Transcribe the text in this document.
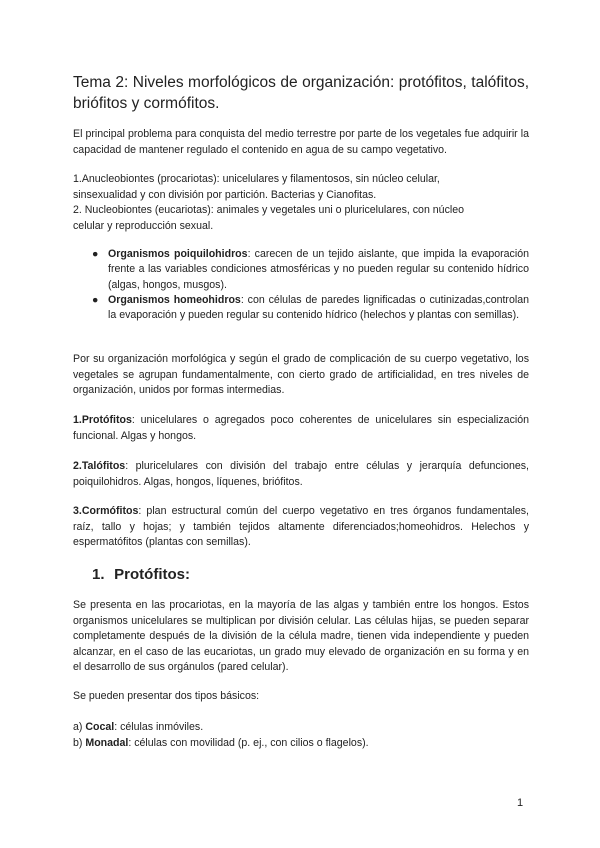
Tema 2: Niveles morfológicos de organización: protófitos, talófitos, briófitos y cormófitos.

El principal problema para conquista del medio terrestre por parte de los vegetales fue adquirir la capacidad de mantener regulado el contenido en agua de su campo vegetativo.

1.Anucleobiontes (procariotas): unicelulares y filamentosos, sin núcleo celular,
sinsexualidad y con división por partición. Bacterias y Cianofitas.
2. Nucleobiontes (eucariotas): animales y vegetales uni o pluricelulares, con núcleo
celular y reproducción sexual.

● Organismos poiquilohidros: carecen de un tejido aislante, que impida la evaporación frente a las variables condiciones atmosféricas y no pueden regular su contenido hídrico (algas, hongos, musgos).
● Organismos homeohidros: con células de paredes lignificadas o cutinizadas,controlan la evaporación y pueden regular su contenido hídrico (helechos y plantas con semillas).

Por su organización morfológica y según el grado de complicación de su cuerpo vegetativo, los vegetales se agrupan fundamentalmente, con cierto grado de artificialidad, en tres niveles de organización, unidos por formas intermedias.

1.Protófitos: unicelulares o agregados poco coherentes de unicelulares sin especialización funcional. Algas y hongos.

2.Talófitos: pluricelulares con división del trabajo entre células y jerarquía defunciones, poiquilohidros. Algas, hongos, líquenes, briófitos.

3.Cormófitos: plan estructural común del cuerpo vegetativo en tres órganos fundamentales, raíz, tallo y hojas; y también tejidos altamente diferenciados;homeohidros. Helechos y espermatófitos (plantas con semillas).

1. Protófitos:

Se presenta en las procariotas, en la mayoría de las algas y también entre los hongos. Estos organismos unicelulares se multiplican por división celular. Las células hijas, se pueden separar completamente después de la división de la célula madre, tienen vida independiente y pueden alcanzar, en el caso de las eucariotas, un grado muy elevado de organización en su forma y en el desarrollo de sus orgánulos (pared celular).

Se pueden presentar dos tipos básicos:

a) Cocal: células inmóviles.
b) Monadal: células con movilidad (p. ej., con cilios o flagelos).

1
